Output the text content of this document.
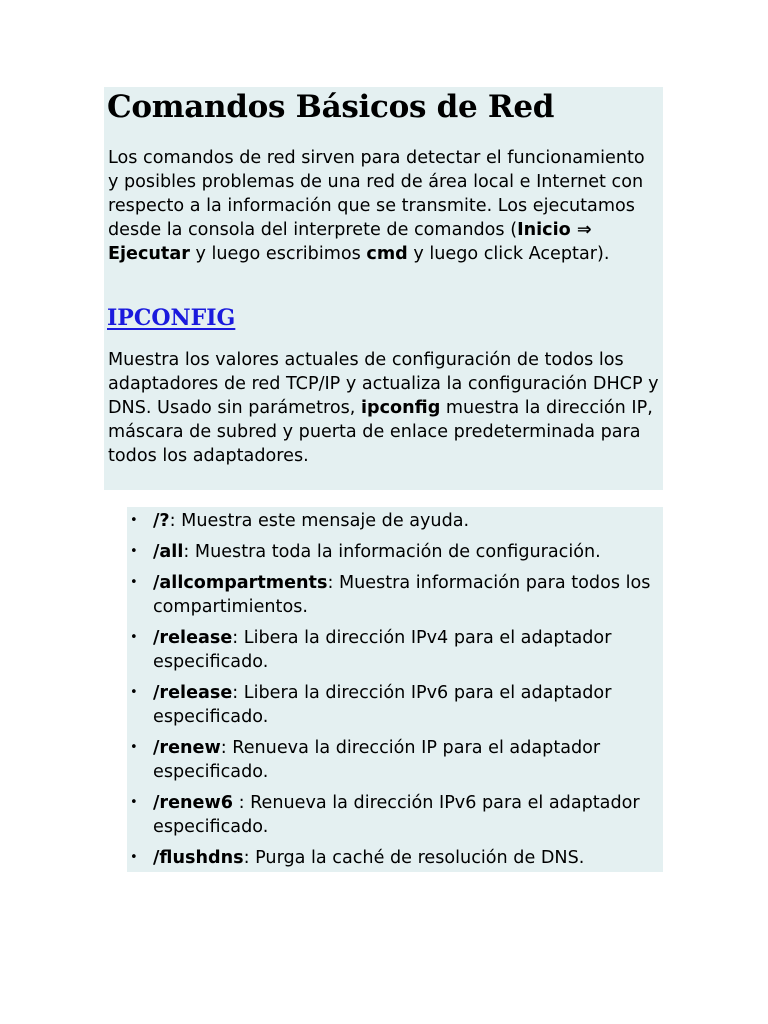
Comandos Básicos de Red

Los comandos de red sirven para detectar el funcionamiento y posibles problemas de una red de área local e Internet con respecto a la información que se transmite. Los ejecutamos desde la consola del interprete de comandos (Inicio ⇒ Ejecutar y luego escribimos cmd y luego click Aceptar).

IPCONFIG

Muestra los valores actuales de configuración de todos los adaptadores de red TCP/IP y actualiza la configuración DHCP y DNS. Usado sin parámetros, ipconfig muestra la dirección IP, máscara de subred y puerta de enlace predeterminada para todos los adaptadores.

• /?: Muestra este mensaje de ayuda.
• /all: Muestra toda la información de configuración.
• /allcompartments: Muestra información para todos los compartimientos.
• /release: Libera la dirección IPv4 para el adaptador especificado.
• /release: Libera la dirección IPv6 para el adaptador especificado.
• /renew: Renueva la dirección IP para el adaptador especificado.
• /renew6 : Renueva la dirección IPv6 para el adaptador especificado.
• /flushdns: Purga la caché de resolución de DNS.
